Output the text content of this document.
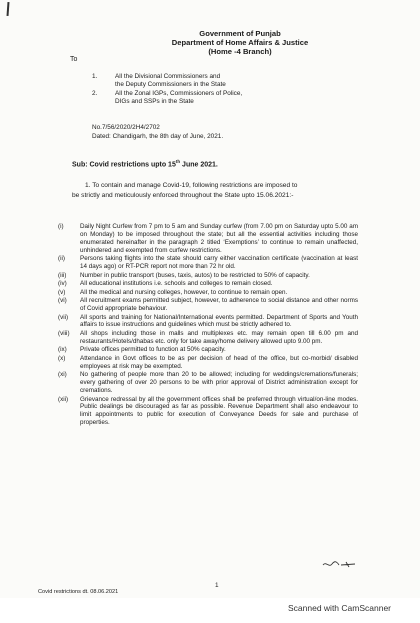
Government of Punjab
Department of Home Affairs & Justice
(Home -4 Branch)
To
1.	All the Divisional Commissioners and
the Deputy Commissioners in the State
2.	All the Zonal IGPs, Commissioners of Police,
DIGs and SSPs in the State
No.7/56/2020/2H4/2702
Dated: Chandigarh, the 8th day of June, 2021.
Sub: Covid restrictions upto 15th June 2021.
1. To contain and manage Covid-19, following restrictions are imposed to
be strictly and meticulously enforced throughout the State upto 15.06.2021:-
(i)	Daily Night Curfew from 7 pm to 5 am and Sunday curfew (from 7.00 pm on Saturday upto 5.00 am on Monday) to be imposed throughout the state; but all the essential activities including those enumerated hereinafter in the paragraph 2 titled ‘Exemptions’ to continue to remain unaffected, unhindered and exempted from curfew restrictions.
(ii) Persons taking flights into the state should carry either vaccination certificate (vaccination at least 14 days ago) or RT-PCR report not more than 72 hr old.
(iii) Number in public transport (buses, taxis, autos) to be restricted to 50% of capacity.
(iv) All educational institutions i.e. schools and colleges to remain closed.
(v) All the medical and nursing colleges, however, to continue to remain open.
(vi) All recruitment exams permitted subject, however, to adherence to social distance and other norms of Covid appropriate behaviour.
(vii) All sports and training for National/International events permitted. Department of Sports and Youth affairs to issue instructions and guidelines which must be strictly adhered to.
(viii) All shops including those in malls and multiplexes etc. may remain open till 6.00 pm and restaurants/Hotels/dhabas etc. only for take away/home delivery allowed upto 9.00 pm.
(ix) Private offices permitted to function at 50% capacity.
(x) Attendance in Govt offices to be as per decision of head of the office, but co-morbid/ disabled employees at risk may be exempted.
(xi) No gathering of people more than 20 to be allowed; including for weddings/cremations/funerals; every gathering of over 20 persons to be with prior approval of District administration except for cremations.
(xii) Grievance redressal by all the government offices shall be preferred through virtual/on-line modes. Public dealings be discouraged as far as possible. Revenue Department shall also endeavour to limit appointments to public for execution of Conveyance Deeds for sale and purchase of properties.
1
Covid restrictions dt. 08.06.2021
Scanned with CamScanner
